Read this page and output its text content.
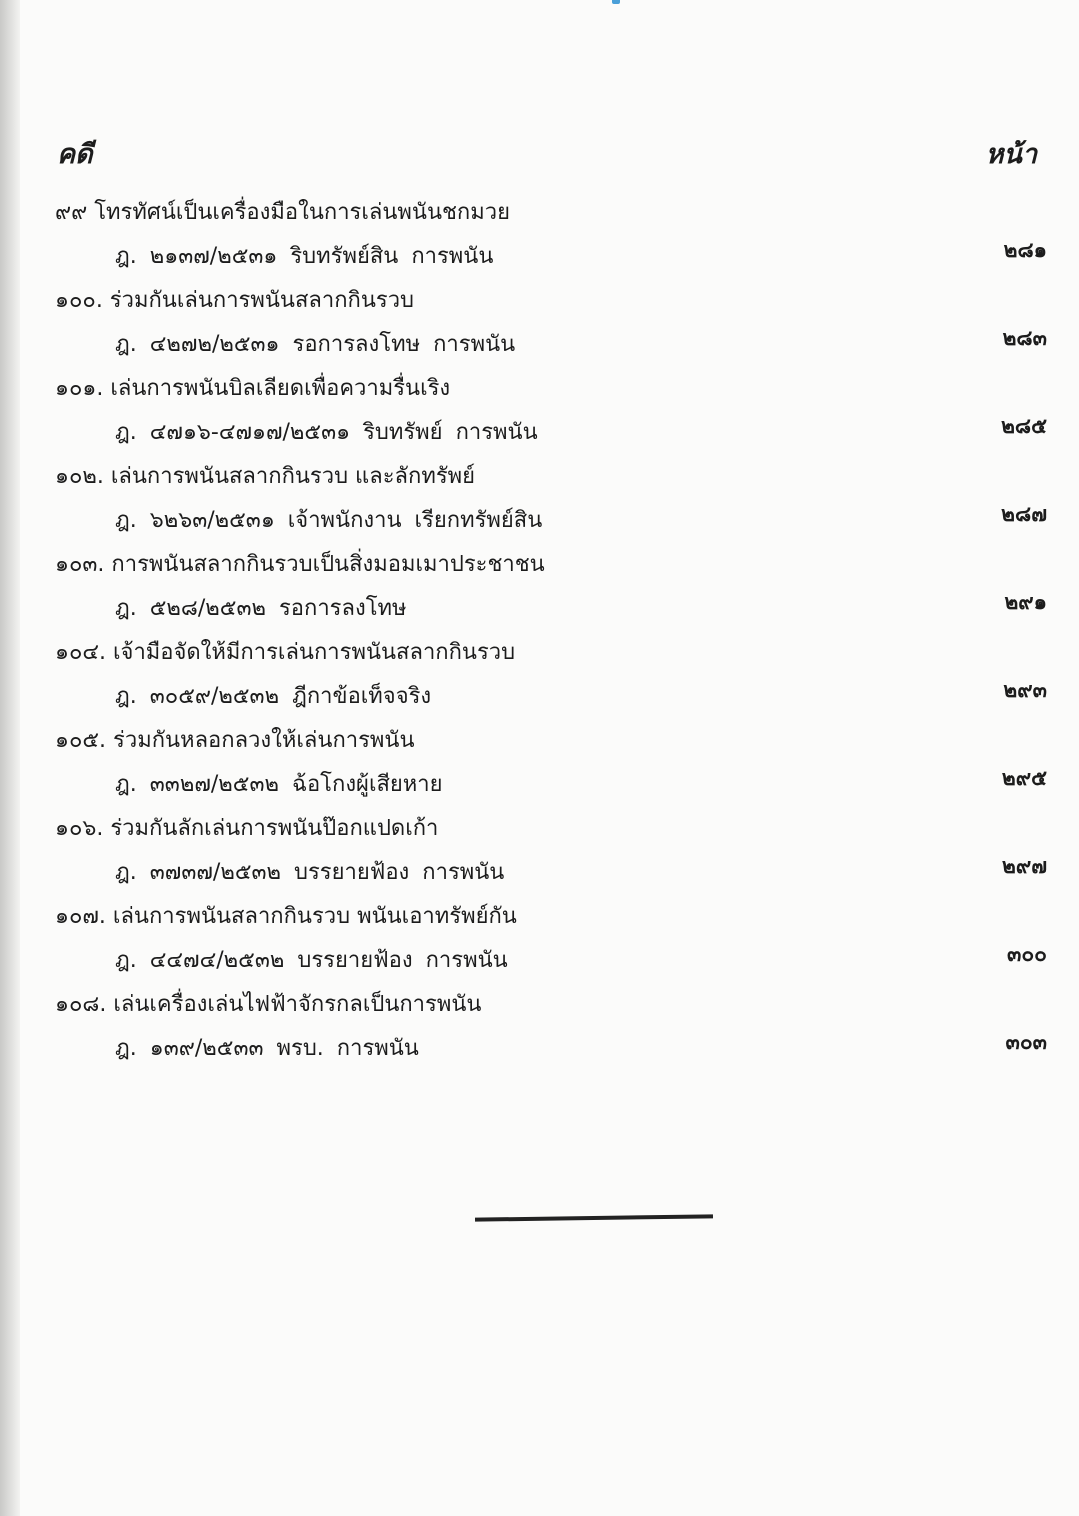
คดี	หน้า
๙๙ โทรทัศน์เป็นเครื่องมือในการเล่นพนันชกมวย
ฎ. ๒๑๓๗/๒๕๓๑ ริบทรัพย์สิน การพนัน	๒๘๑
๑๐๐. ร่วมกันเล่นการพนันสลากกินรวบ
ฎ. ๔๒๗๒/๒๕๓๑ รอการลงโทษ การพนัน	๒๘๓
๑๐๑. เล่นการพนันบิลเลียดเพื่อความรื่นเริง
ฎ. ๔๗๑๖-๔๗๑๗/๒๕๓๑ ริบทรัพย์ การพนัน	๒๘๕
๑๐๒. เล่นการพนันสลากกินรวบ และลักทรัพย์
ฎ. ๖๒๖๓/๒๕๓๑ เจ้าพนักงาน เรียกทรัพย์สิน	๒๘๗
๑๐๓. การพนันสลากกินรวบเป็นสิ่งมอมเมาประชาชน
ฎ. ๕๒๘/๒๕๓๒ รอการลงโทษ	๒๙๑
๑๐๔. เจ้ามือจัดให้มีการเล่นการพนันสลากกินรวบ
ฎ. ๓๐๕๙/๒๕๓๒ ฎีกาข้อเท็จจริง	๒๙๓
๑๐๕. ร่วมกันหลอกลวงให้เล่นการพนัน
ฎ. ๓๓๒๗/๒๕๓๒ ฉ้อโกงผู้เสียหาย	๒๙๕
๑๐๖. ร่วมกันลักเล่นการพนันป๊อกแปดเก้า
ฎ. ๓๗๓๗/๒๕๓๒ บรรยายฟ้อง การพนัน	๒๙๗
๑๐๗. เล่นการพนันสลากกินรวบ พนันเอาทรัพย์กัน
ฎ. ๔๔๗๔/๒๕๓๒ บรรยายฟ้อง การพนัน	๓๐๐
๑๐๘. เล่นเครื่องเล่นไฟฟ้าจักรกลเป็นการพนัน
ฎ. ๑๓๙/๒๕๓๓ พรบ. การพนัน	๓๐๓
